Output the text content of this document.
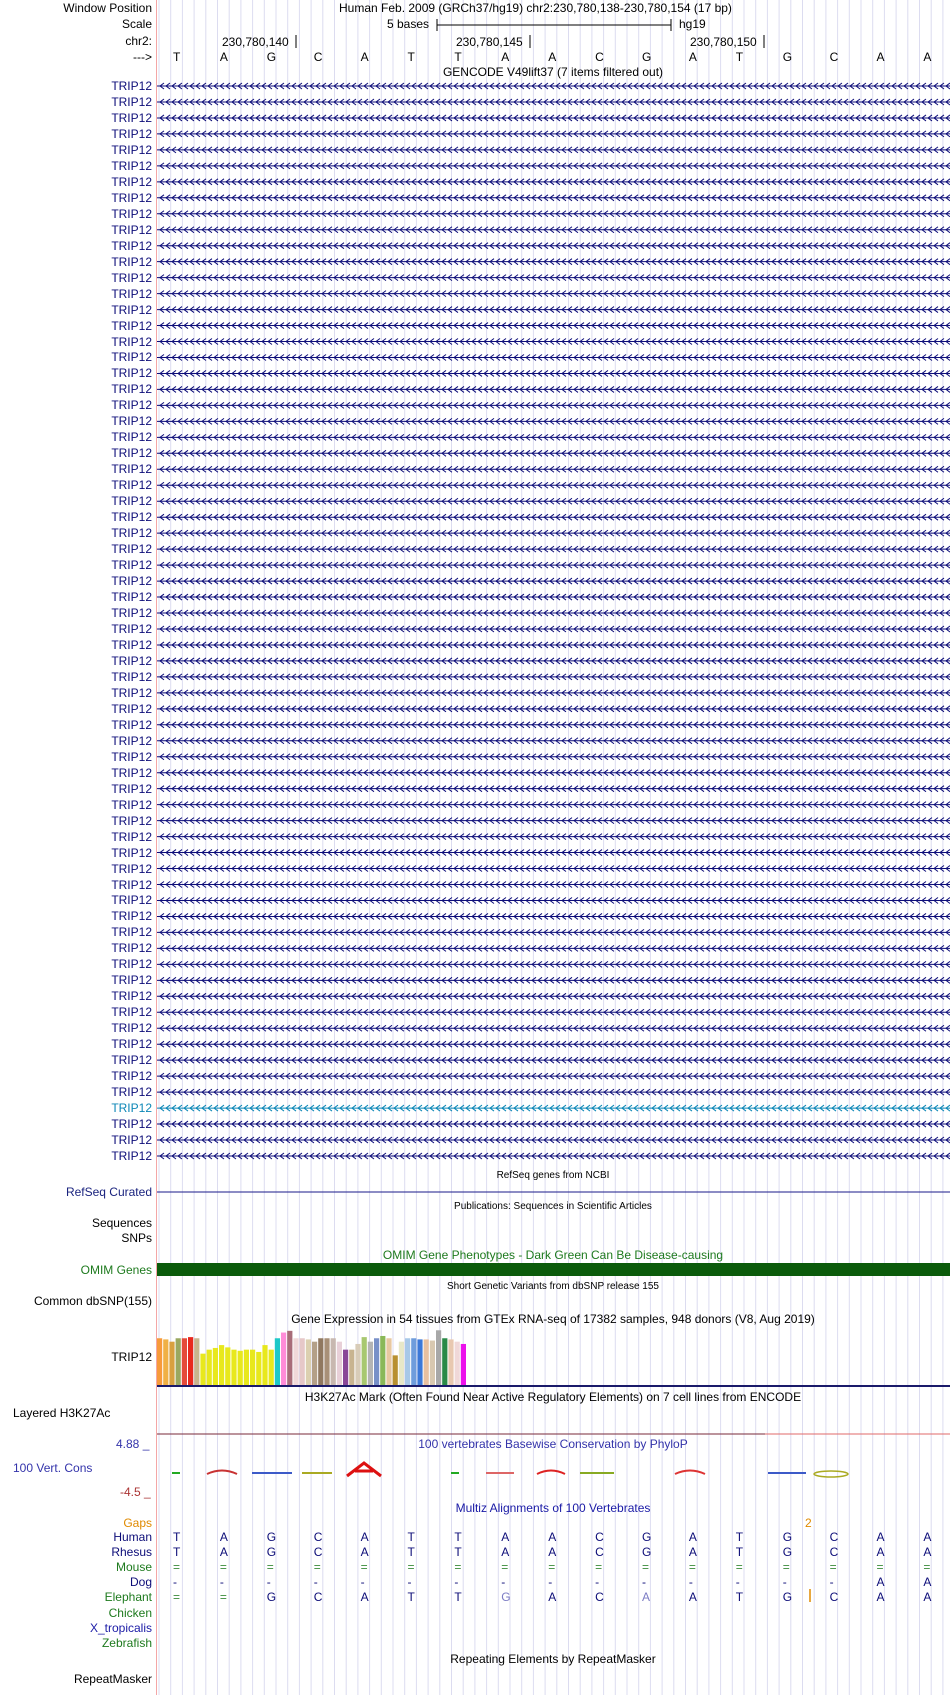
Window Position	Human Feb. 2009 (GRCh37/hg19) chr2:230,780,138-230,780,154 (17 bp)
Scale	5 bases	hg19
chr2:	230,780,140	230,780,145	230,780,150
---> T	A	G	C	A	T	T	A	A	C	G	A	T	G	C	A	A
GENCODE V49lift37 (7 items filtered out)
TRIP12
TRIP12
TRIP12
TRIP12
TRIP12
TRIP12
TRIP12
TRIP12
TRIP12
TRIP12
TRIP12
TRIP12
TRIP12
TRIP12
TRIP12
TRIP12
TRIP12
TRIP12
TRIP12
TRIP12
TRIP12
TRIP12
TRIP12
TRIP12
TRIP12
TRIP12
TRIP12
TRIP12
TRIP12
TRIP12
TRIP12
TRIP12
TRIP12
TRIP12
TRIP12
TRIP12
TRIP12
TRIP12
TRIP12
TRIP12
TRIP12
TRIP12
TRIP12
TRIP12
TRIP12
TRIP12
TRIP12
TRIP12
TRIP12
TRIP12
TRIP12
TRIP12
TRIP12
TRIP12
TRIP12
TRIP12
TRIP12
TRIP12
TRIP12
TRIP12
TRIP12
TRIP12
TRIP12
TRIP12
TRIP12
TRIP12
TRIP12
TRIP12
RefSeq genes from NCBI
RefSeq Curated
Publications: Sequences in Scientific Articles
Sequences
SNPs
OMIM Gene Phenotypes - Dark Green Can Be Disease-causing
OMIM Genes
Short Genetic Variants from dbSNP release 155
Common dbSNP(155)
Gene Expression in 54 tissues from GTEx RNA-seq of 17382 samples, 948 donors (V8, Aug 2019)
TRIP12
H3K27Ac Mark (Often Found Near Active Regulatory Elements) on 7 cell lines from ENCODE
Layered H3K27Ac
100 vertebrates Basewise Conservation by PhyloP
4.88 _
100 Vert. Cons
-4.5 _
Multiz Alignments of 100 Vertebrates
Gaps	2
Human T	A	G	C	A	T	T	A	A	C	G	A	T	G	C	A	A
Rhesus T	A	G	C	A	T	T	A	A	C	G	A	T	G	C	A	A
Mouse =	=	=	=	=	=	=	=	=	=	=	=	=	=	=	=	=
Dog -	-	-	-	-	-	-	-	-	-	-	-	-	-	-	A	A
Elephant =	=	G	C	A	T	T	G	A	C	A	A	T	G	C	A	A
Chicken
X_tropicalis
Zebrafish
Repeating Elements by RepeatMasker
RepeatMasker
